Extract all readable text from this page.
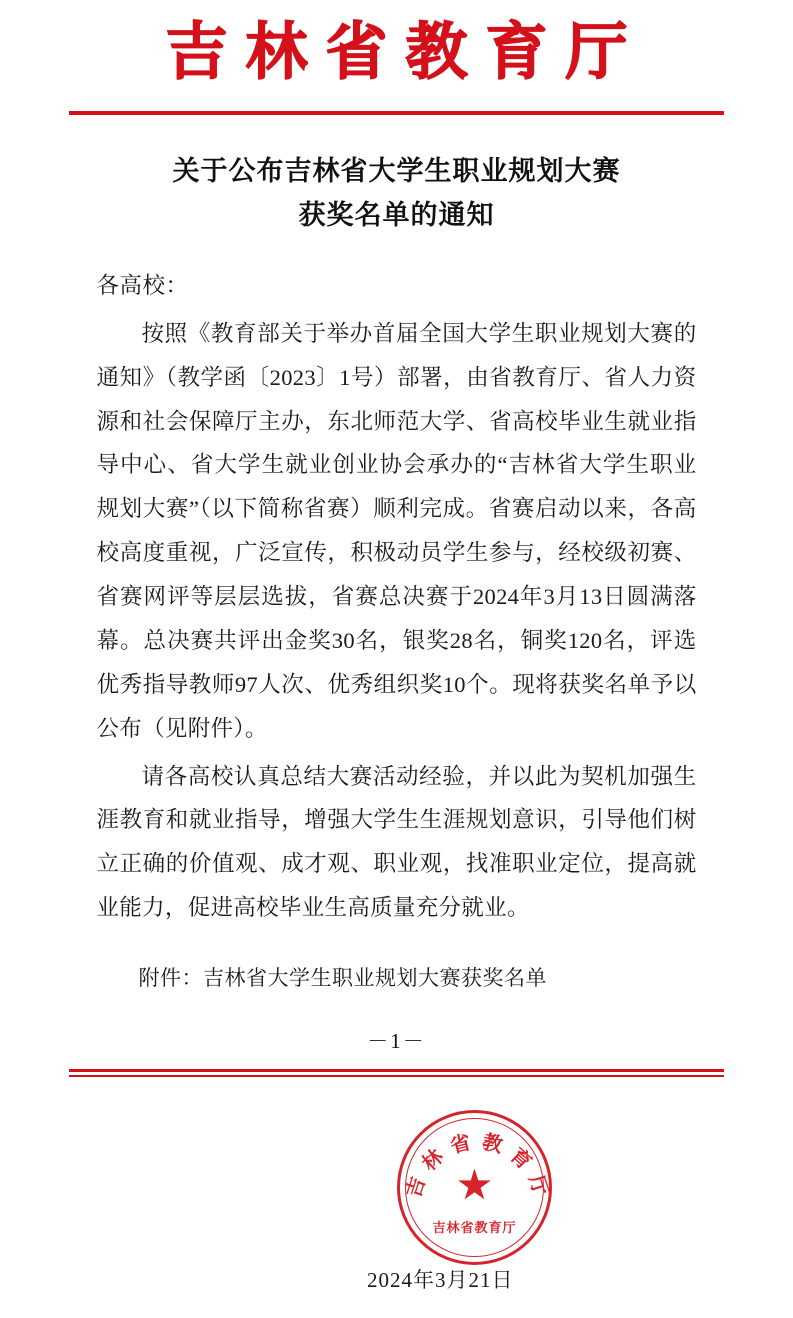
吉林省教育厅
关于公布吉林省大学生职业规划大赛
获奖名单的通知
各高校：
按照《教育部关于举办首届全国大学生职业规划大赛的通知》（教学函〔2023〕1号）部署，由省教育厅、省人力资源和社会保障厅主办，东北师范大学、省高校毕业生就业指导中心、省大学生就业创业协会承办的“吉林省大学生职业规划大赛”（以下简称省赛）顺利完成。省赛启动以来，各高校高度重视，广泛宣传，积极动员学生参与，经校级初赛、省赛网评等层层选拔，省赛总决赛于2024年3月13日圆满落幕。总决赛共评出金奖30名，银奖28名，铜奖120名，评选优秀指导教师97人次、优秀组织奖10个。现将获奖名单予以公布（见附件）。
请各高校认真总结大赛活动经验，并以此为契机加强生涯教育和就业指导，增强大学生生涯规划意识，引导他们树立正确的价值观、成才观、职业观，找准职业定位，提高就业能力，促进高校毕业生高质量充分就业。
附件：吉林省大学生职业规划大赛获奖名单
－1－
吉 林 省 教 育 厅
吉林省教育厅
2024年3月21日
